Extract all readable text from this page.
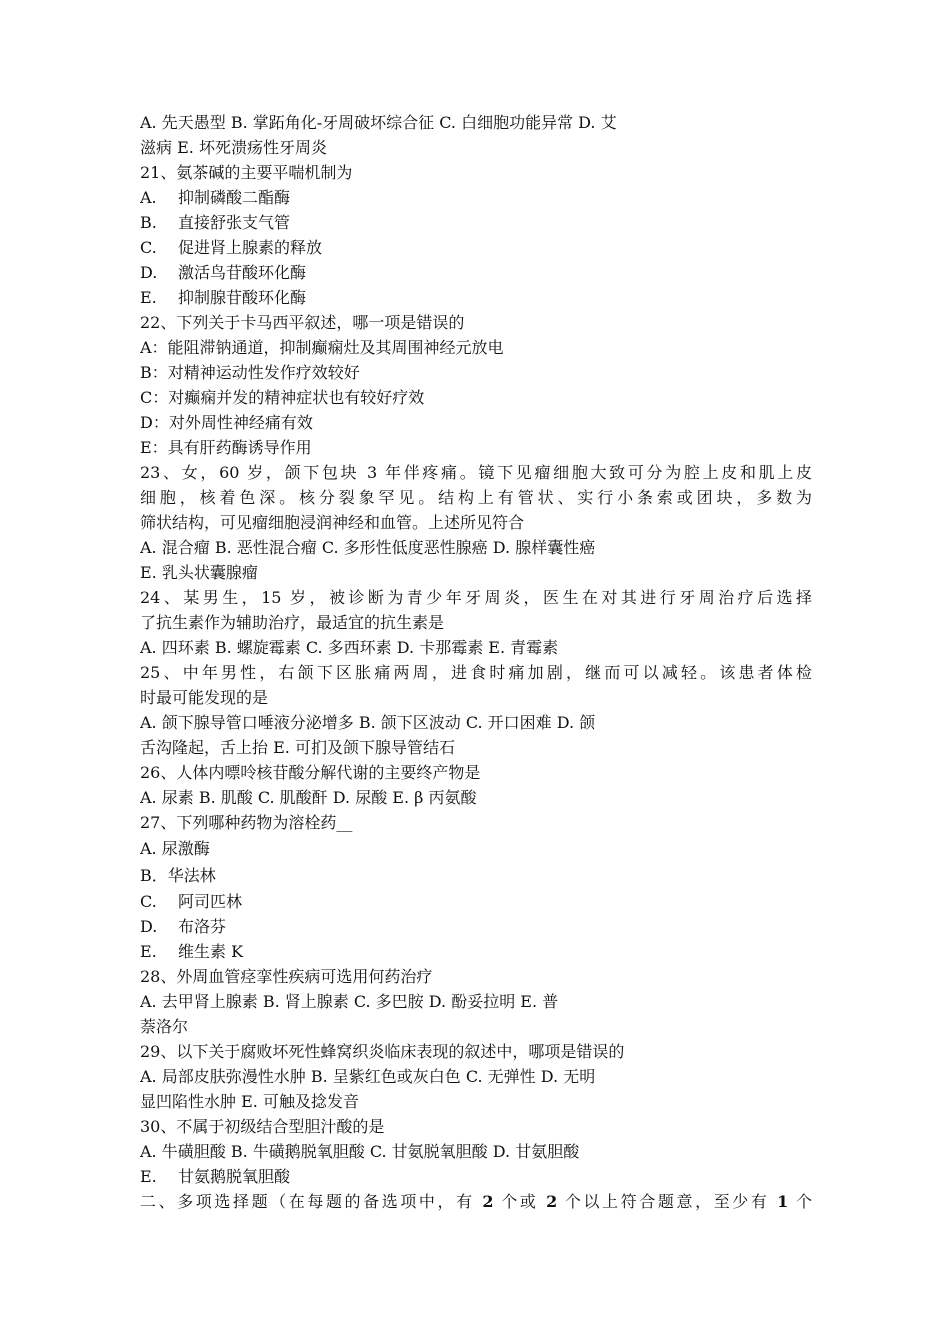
A. 先天愚型 B. 掌跖角化-牙周破坏综合征 C. 白细胞功能异常 D. 艾
滋病 E. 坏死溃疡性牙周炎
21、氨茶碱的主要平喘机制为
A. 抑制磷酸二酯酶
B. 直接舒张支气管
C. 促进肾上腺素的释放
D. 激活鸟苷酸环化酶
E. 抑制腺苷酸环化酶
22、下列关于卡马西平叙述，哪一项是错误的
A：能阻滞钠通道，抑制癫痫灶及其周围神经元放电
B：对精神运动性发作疗效较好
C：对癫痫并发的精神症状也有较好疗效
D：对外周性神经痛有效
E：具有肝药酶诱导作用
23、女，60 岁，颌下包块 3 年伴疼痛。镜下见瘤细胞大致可分为腔上皮和肌上皮
细胞，核着色深。核分裂象罕见。结构上有管状、实行小条索或团块，多数为
筛状结构，可见瘤细胞浸润神经和血管。上述所见符合
A. 混合瘤 B. 恶性混合瘤 C. 多形性低度恶性腺癌 D. 腺样囊性癌
E. 乳头状囊腺瘤
24、某男生，15 岁，被诊断为青少年牙周炎，医生在对其进行牙周治疗后选择
了抗生素作为辅助治疗，最适宜的抗生素是
A. 四环素 B. 螺旋霉素 C. 多西环素 D. 卡那霉素 E. 青霉素
25、中年男性，右颌下区胀痛两周，进食时痛加剧，继而可以减轻。该患者体检
时最可能发现的是
A. 颌下腺导管口唾液分泌增多 B. 颌下区波动 C. 开口困难 D. 颌
舌沟隆起，舌上抬 E. 可扪及颌下腺导管结石
26、人体内嘌呤核苷酸分解代谢的主要终产物是
A. 尿素 B. 肌酸 C. 肌酸酐 D. 尿酸 E. β 丙氨酸
27、下列哪种药物为溶栓药__
A. 尿激酶
B．华法林
C. 阿司匹林
D. 布洛芬
E. 维生素 K
28、外周血管痉挛性疾病可选用何药治疗
A. 去甲肾上腺素 B. 肾上腺素 C. 多巴胺 D. 酚妥拉明 E. 普
萘洛尔
29、以下关于腐败坏死性蜂窝织炎临床表现的叙述中，哪项是错误的
A. 局部皮肤弥漫性水肿 B. 呈紫红色或灰白色 C. 无弹性 D. 无明
显凹陷性水肿 E. 可触及捻发音
30、不属于初级结合型胆汁酸的是
A. 牛磺胆酸 B. 牛磺鹅脱氧胆酸 C. 甘氨脱氧胆酸 D. 甘氨胆酸
E. 甘氨鹅脱氧胆酸
二、多项选择题（在每题的备选项中，有 2 个或 2 个以上符合题意，至少有 1 个
